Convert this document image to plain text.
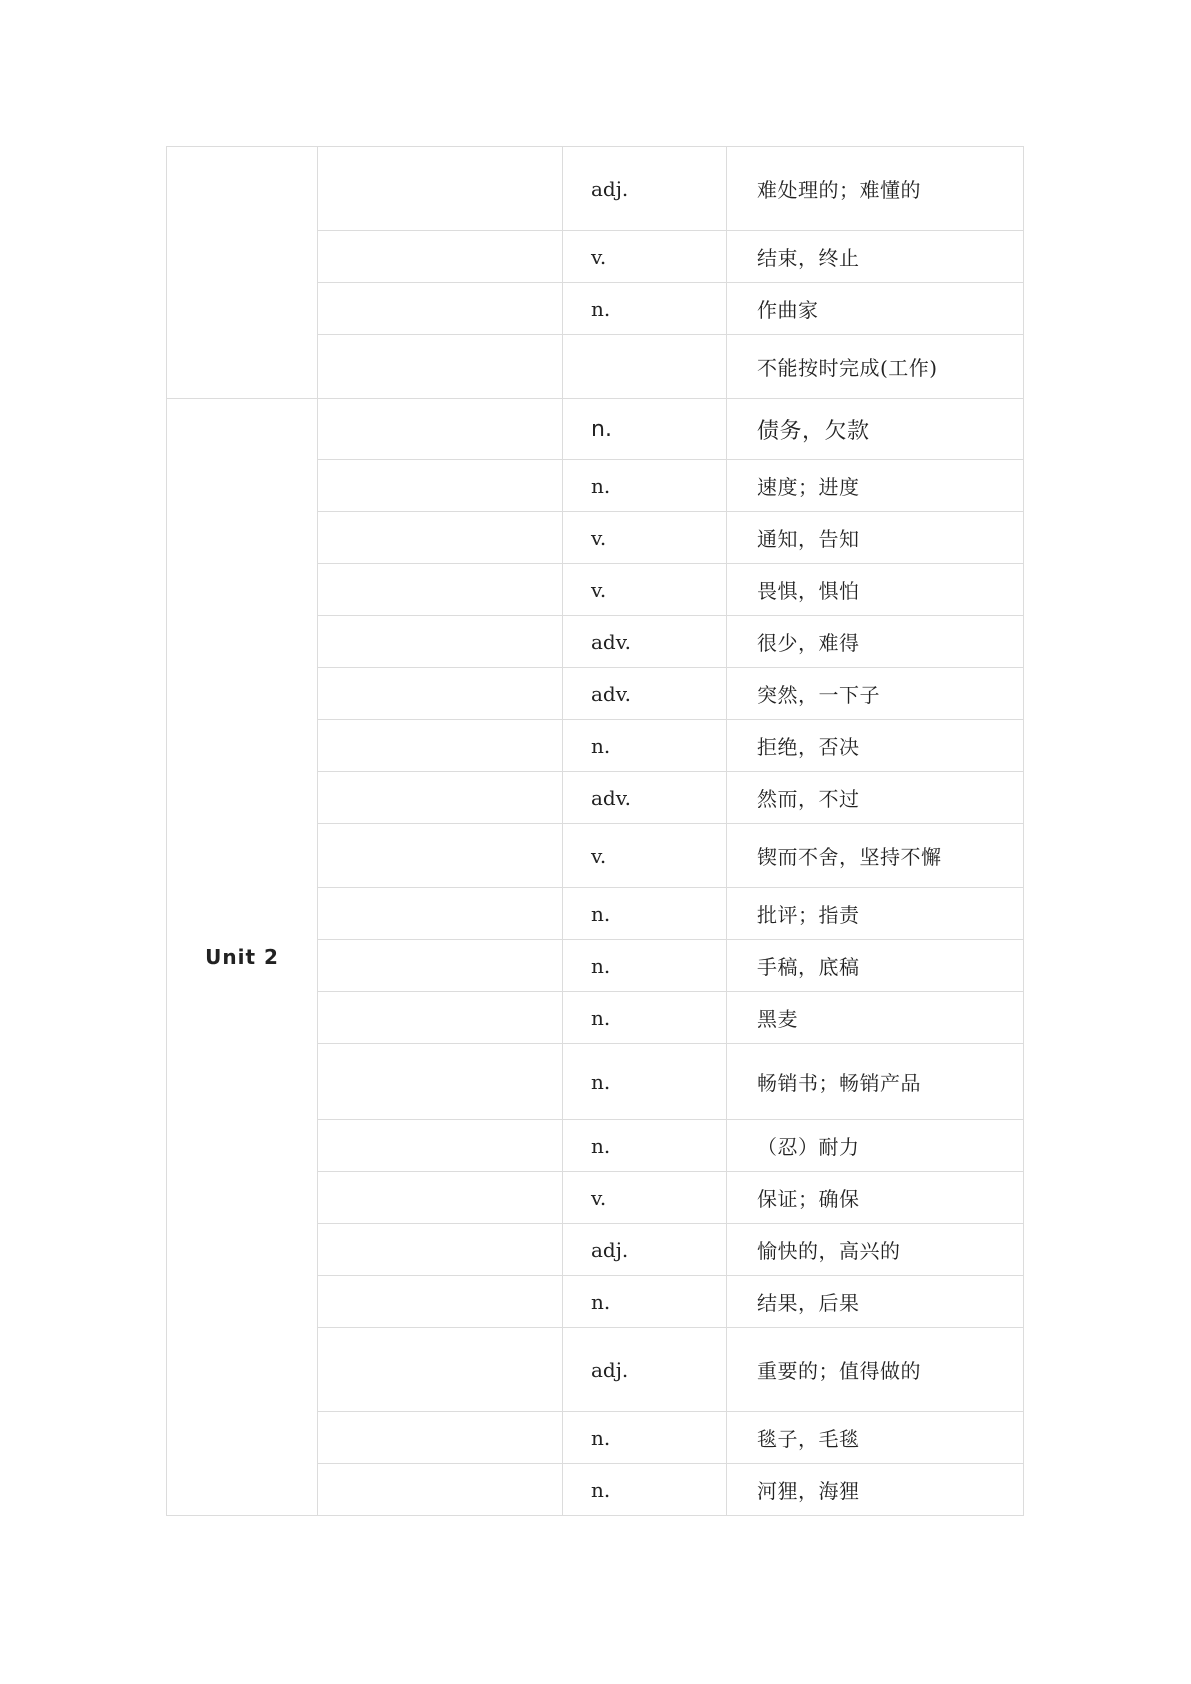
		adj.	难处理的；难懂的
		v.	结束，终止
		n.	作曲家
			不能按时完成(工作)
Unit 2		n.	债务，欠款
		n.	速度；进度
		v.	通知，告知
		v.	畏惧，惧怕
		adv.	很少，难得
		adv.	突然，一下子
		n.	拒绝，否决
		adv.	然而，不过
		v.	锲而不舍，坚持不懈
		n.	批评；指责
		n.	手稿，底稿
		n.	黑麦
		n.	畅销书；畅销产品
		n.	（忍）耐力
		v.	保证；确保
		adj.	愉快的，高兴的
		n.	结果，后果
		adj.	重要的；值得做的
		n.	毯子，毛毯
		n.	河狸，海狸
